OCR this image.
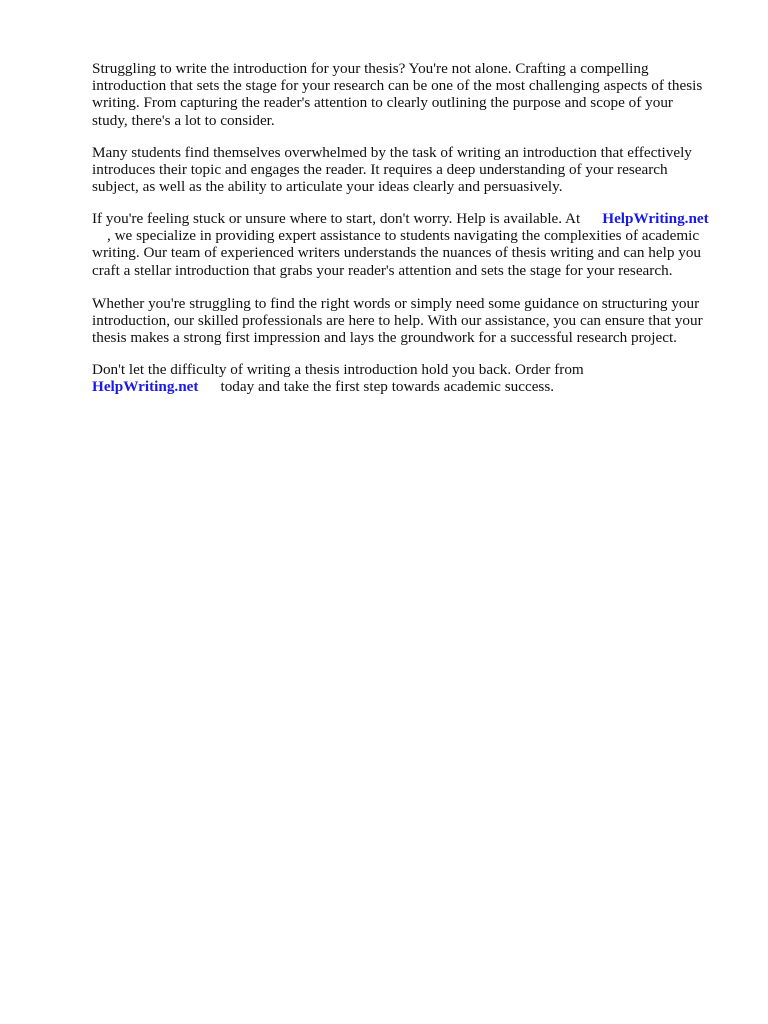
Struggling to write the introduction for your thesis? You're not alone. Crafting a compelling
introduction that sets the stage for your research can be one of the most challenging aspects of thesis
writing. From capturing the reader's attention to clearly outlining the purpose and scope of your
study, there's a lot to consider.

Many students find themselves overwhelmed by the task of writing an introduction that effectively
introduces their topic and engages the reader. It requires a deep understanding of your research
subject, as well as the ability to articulate your ideas clearly and persuasively.

If you're feeling stuck or unsure where to start, don't worry. Help is available. At HelpWriting.net
, we specialize in providing expert assistance to students navigating the complexities of academic
writing. Our team of experienced writers understands the nuances of thesis writing and can help you
craft a stellar introduction that grabs your reader's attention and sets the stage for your research.

Whether you're struggling to find the right words or simply need some guidance on structuring your
introduction, our skilled professionals are here to help. With our assistance, you can ensure that your
thesis makes a strong first impression and lays the groundwork for a successful research project.

Don't let the difficulty of writing a thesis introduction hold you back. Order from
HelpWriting.net today and take the first step towards academic success.
